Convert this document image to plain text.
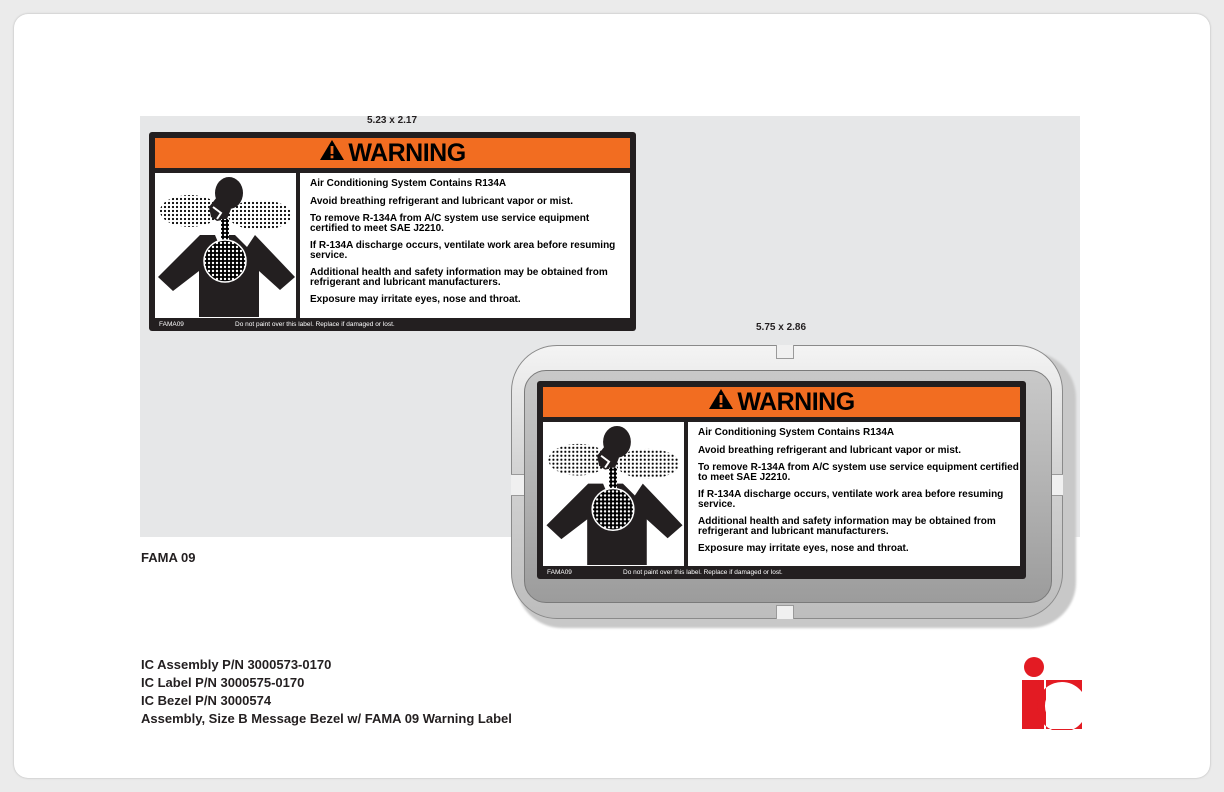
5.23 x 2.17
WARNING

Air Conditioning System Contains R134A

Avoid breathing refrigerant and lubricant vapor or mist.

To remove R-134A from A/C system use service equipment certified to meet SAE J2210.

If R-134A discharge occurs, ventilate work area before resuming service.

Additional health and safety information may be obtained from refrigerant and lubricant manufacturers.

Exposure may irritate eyes, nose and throat.

FAMA09	Do not paint over this label. Replace if damaged or lost.	5.75 x 2.86
WARNING

Air Conditioning System Contains R134A

Avoid breathing refrigerant and lubricant vapor or mist.

To remove R-134A from A/C system use service equipment certified to meet SAE J2210.

If R-134A discharge occurs, ventilate work area before resuming service.

Additional health and safety information may be obtained from refrigerant and lubricant manufacturers.

Exposure may irritate eyes, nose and throat.

FAMA09	Do not paint over this label. Replace if damaged or lost.
FAMA 09
IC Assembly P/N 3000573-0170
IC Label P/N 3000575-0170
IC Bezel P/N 3000574
Assembly, Size B Message Bezel w/ FAMA 09 Warning Label
